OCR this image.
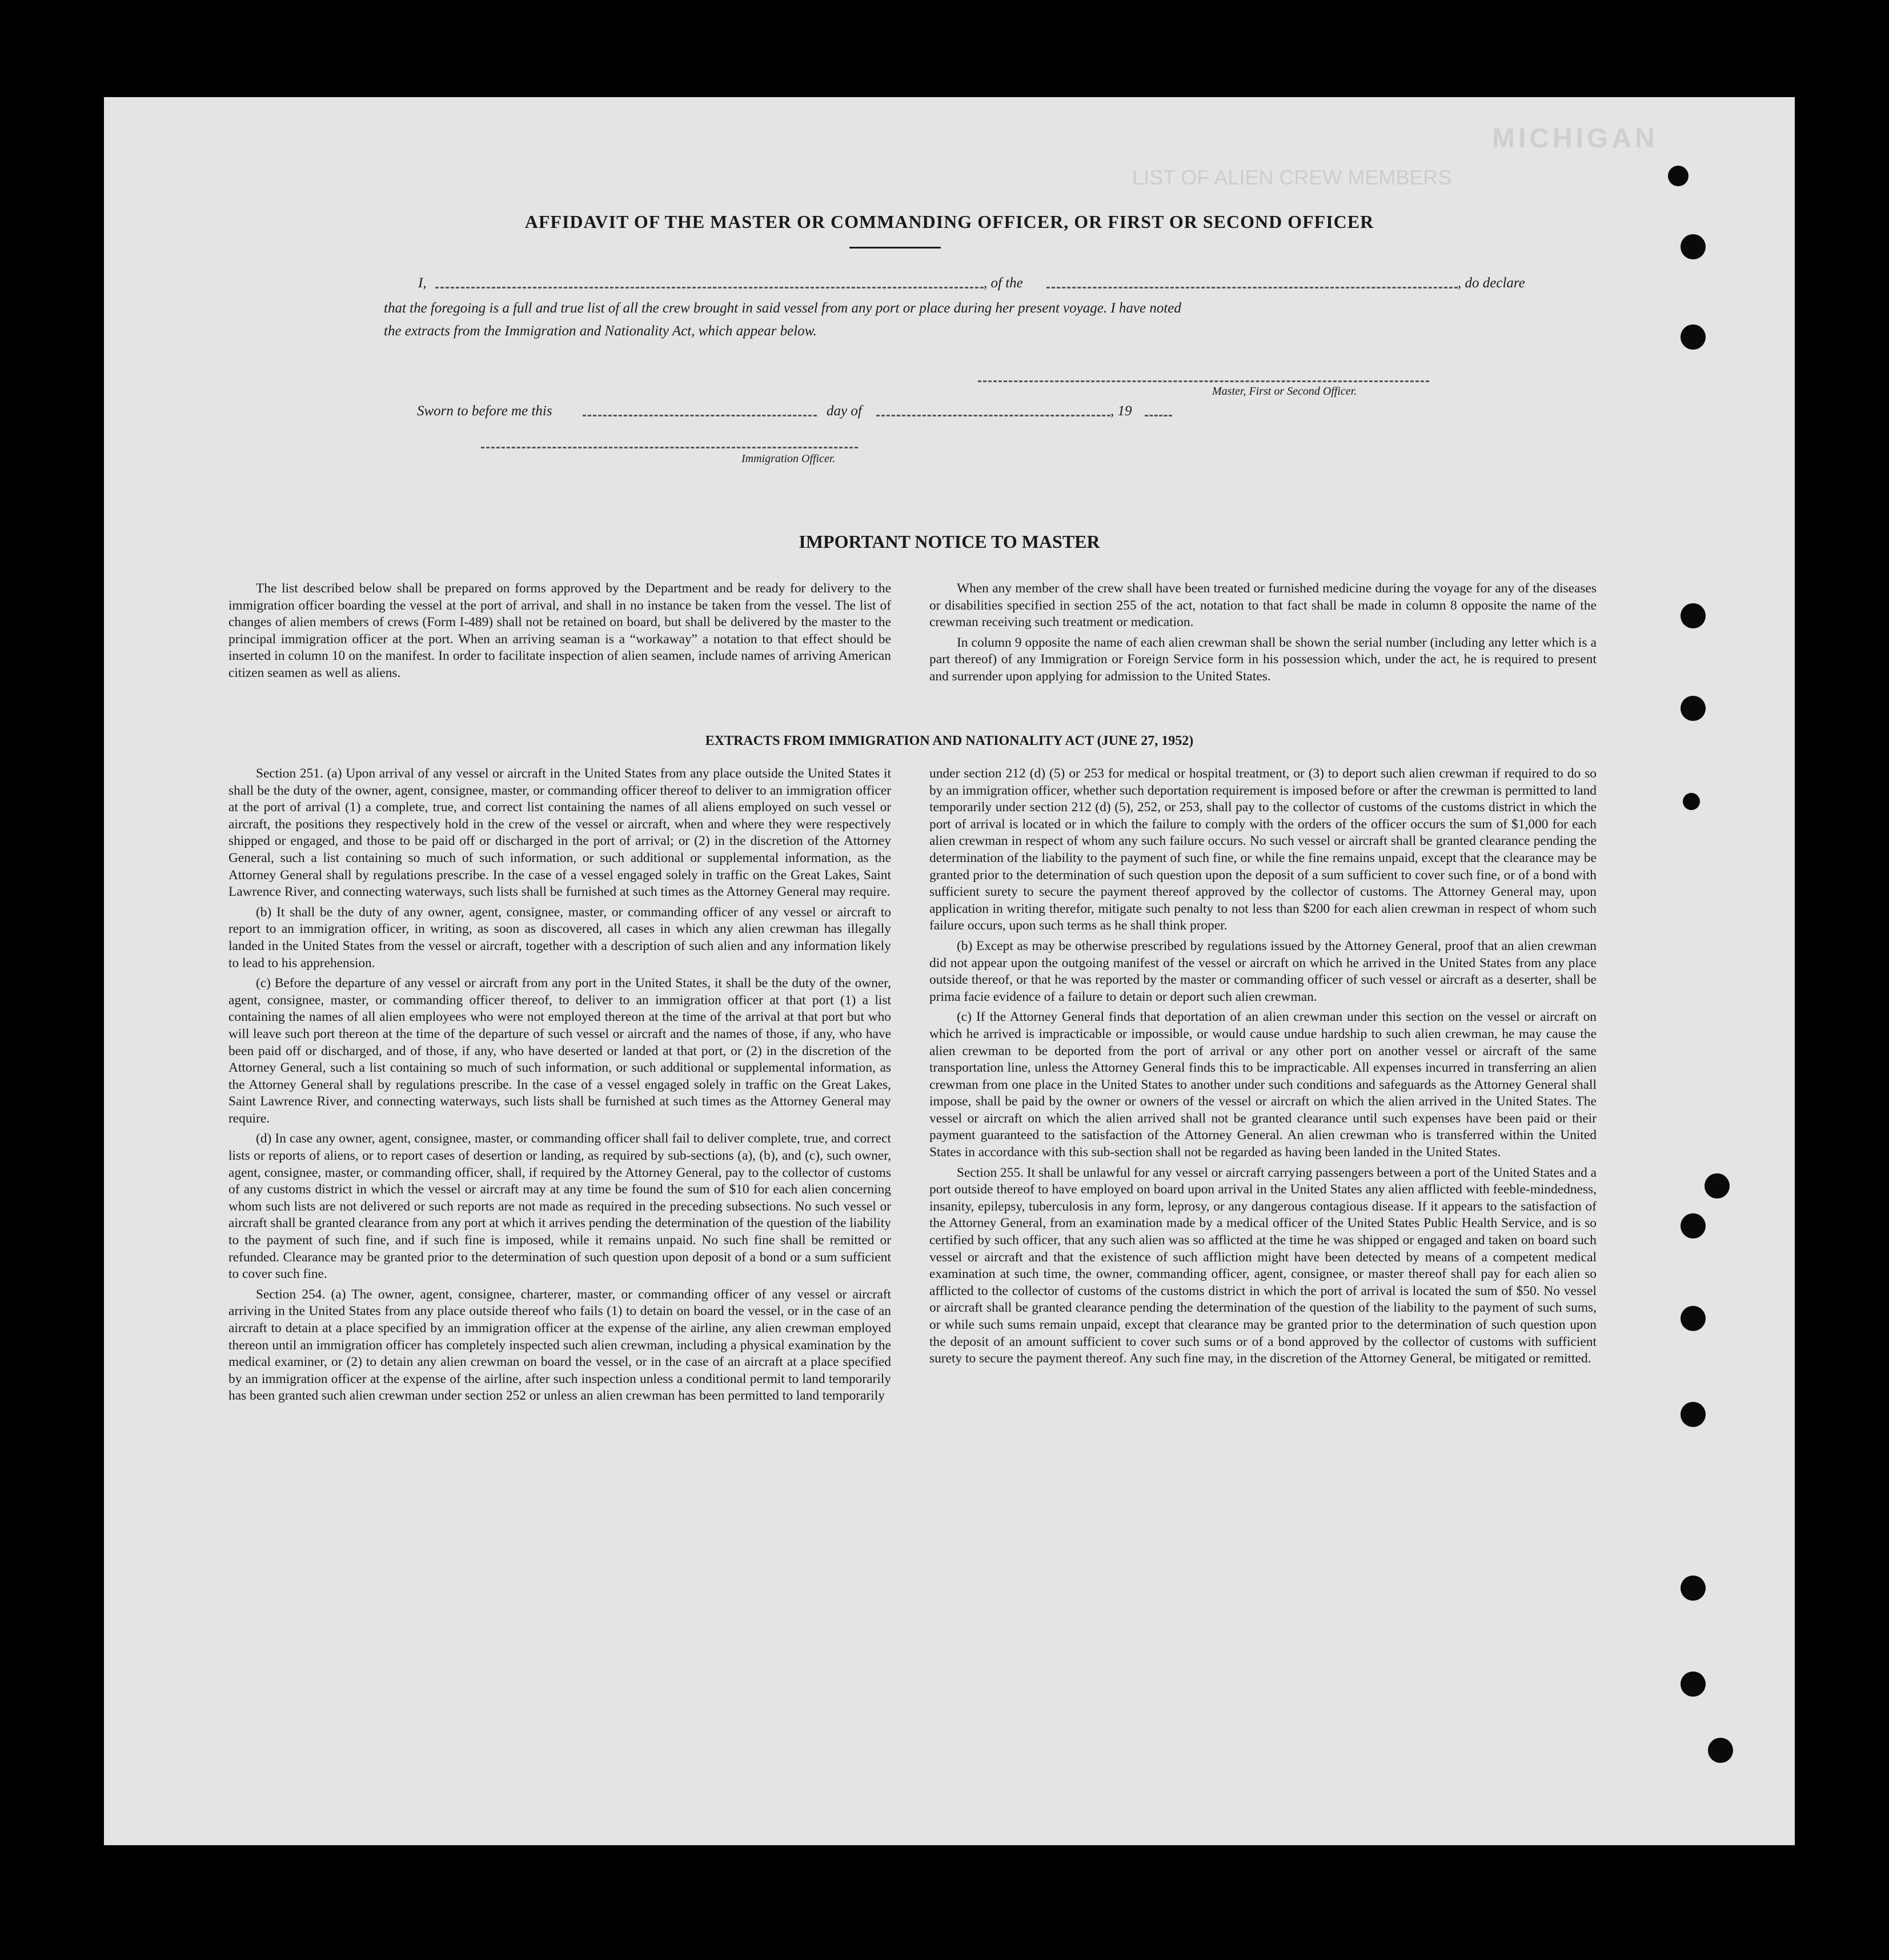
MICHIGAN
LIST OF ALIEN CREW MEMBERS
AFFIDAVIT OF THE MASTER OR COMMANDING OFFICER, OR FIRST OR SECOND OFFICER
I,	, of the	, do declare
that the foregoing is a full and true list of all the crew brought in said vessel from any port or place during her present voyage. I have noted
the extracts from the Immigration and Nationality Act, which appear below.
Master, First or Second Officer.
Sworn to before me this	day of	, 19
Immigration Officer.
IMPORTANT NOTICE TO MASTER

The list described below shall be prepared on forms approved by the Department and be ready for delivery to the immigration officer boarding the vessel at the port of arrival, and shall in no instance be taken from the vessel. The list of changes of alien members of crews (Form I-489) shall not be retained on board, but shall be delivered by the master to the principal immigration officer at the port. When an arriving seaman is a “workaway” a notation to that effect should be inserted in column 10 on the manifest. In order to facilitate inspection of alien seamen, include names of arriving American citizen seamen as well as aliens.

When any member of the crew shall have been treated or furnished medicine during the voyage for any of the diseases or disabilities specified in section 255 of the act, notation to that fact shall be made in column 8 opposite the name of the crewman receiving such treatment or medication.

In column 9 opposite the name of each alien crewman shall be shown the serial number (including any letter which is a part thereof) of any Immigration or Foreign Service form in his possession which, under the act, he is required to present and surrender upon applying for admission to the United States.

EXTRACTS FROM IMMIGRATION AND NATIONALITY ACT (JUNE 27, 1952)

Section 251. (a) Upon arrival of any vessel or aircraft in the United States from any place outside the United States it shall be the duty of the owner, agent, consignee, master, or commanding officer thereof to deliver to an immigration officer at the port of arrival (1) a complete, true, and correct list containing the names of all aliens employed on such vessel or aircraft, the positions they respectively hold in the crew of the vessel or aircraft, when and where they were respectively shipped or engaged, and those to be paid off or discharged in the port of arrival; or (2) in the discretion of the Attorney General, such a list containing so much of such information, or such additional or supplemental information, as the Attorney General shall by regulations prescribe. In the case of a vessel engaged solely in traffic on the Great Lakes, Saint Lawrence River, and connecting waterways, such lists shall be furnished at such times as the Attorney General may require.

(b) It shall be the duty of any owner, agent, consignee, master, or commanding officer of any vessel or aircraft to report to an immigration officer, in writing, as soon as discovered, all cases in which any alien crewman has illegally landed in the United States from the vessel or aircraft, together with a description of such alien and any information likely to lead to his apprehension.

(c) Before the departure of any vessel or aircraft from any port in the United States, it shall be the duty of the owner, agent, consignee, master, or commanding officer thereof, to deliver to an immigration officer at that port (1) a list containing the names of all alien employees who were not employed thereon at the time of the arrival at that port but who will leave such port thereon at the time of the departure of such vessel or aircraft and the names of those, if any, who have been paid off or discharged, and of those, if any, who have deserted or landed at that port, or (2) in the discretion of the Attorney General, such a list containing so much of such information, or such additional or supplemental information, as the Attorney General shall by regulations prescribe. In the case of a vessel engaged solely in traffic on the Great Lakes, Saint Lawrence River, and connecting waterways, such lists shall be furnished at such times as the Attorney General may require.

(d) In case any owner, agent, consignee, master, or commanding officer shall fail to deliver complete, true, and correct lists or reports of aliens, or to report cases of desertion or landing, as required by sub-sections (a), (b), and (c), such owner, agent, consignee, master, or commanding officer, shall, if required by the Attorney General, pay to the collector of customs of any customs district in which the vessel or aircraft may at any time be found the sum of $10 for each alien concerning whom such lists are not delivered or such reports are not made as required in the preceding subsections. No such vessel or aircraft shall be granted clearance from any port at which it arrives pending the determination of the question of the liability to the payment of such fine, and if such fine is imposed, while it remains unpaid. No such fine shall be remitted or refunded. Clearance may be granted prior to the determination of such question upon deposit of a bond or a sum sufficient to cover such fine.

Section 254. (a) The owner, agent, consignee, charterer, master, or commanding officer of any vessel or aircraft arriving in the United States from any place outside thereof who fails (1) to detain on board the vessel, or in the case of an aircraft to detain at a place specified by an immigration officer at the expense of the airline, any alien crewman employed thereon until an immigration officer has completely inspected such alien crewman, including a physical examination by the medical examiner, or (2) to detain any alien crewman on board the vessel, or in the case of an aircraft at a place specified by an immigration officer at the expense of the airline, after such inspection unless a conditional permit to land temporarily has been granted such alien crewman under section 252 or unless an alien crewman has been permitted to land temporarily

under section 212 (d) (5) or 253 for medical or hospital treatment, or (3) to deport such alien crewman if required to do so by an immigration officer, whether such deportation requirement is imposed before or after the crewman is permitted to land temporarily under section 212 (d) (5), 252, or 253, shall pay to the collector of customs of the customs district in which the port of arrival is located or in which the failure to comply with the orders of the officer occurs the sum of $1,000 for each alien crewman in respect of whom any such failure occurs. No such vessel or aircraft shall be granted clearance pending the determination of the liability to the payment of such fine, or while the fine remains unpaid, except that the clearance may be granted prior to the determination of such question upon the deposit of a sum sufficient to cover such fine, or of a bond with sufficient surety to secure the payment thereof approved by the collector of customs. The Attorney General may, upon application in writing therefor, mitigate such penalty to not less than $200 for each alien crewman in respect of whom such failure occurs, upon such terms as he shall think proper.

(b) Except as may be otherwise prescribed by regulations issued by the Attorney General, proof that an alien crewman did not appear upon the outgoing manifest of the vessel or aircraft on which he arrived in the United States from any place outside thereof, or that he was reported by the master or commanding officer of such vessel or aircraft as a deserter, shall be prima facie evidence of a failure to detain or deport such alien crewman.

(c) If the Attorney General finds that deportation of an alien crewman under this section on the vessel or aircraft on which he arrived is impracticable or impossible, or would cause undue hardship to such alien crewman, he may cause the alien crewman to be deported from the port of arrival or any other port on another vessel or aircraft of the same transportation line, unless the Attorney General finds this to be impracticable. All expenses incurred in transferring an alien crewman from one place in the United States to another under such conditions and safeguards as the Attorney General shall impose, shall be paid by the owner or owners of the vessel or aircraft on which the alien arrived in the United States. The vessel or aircraft on which the alien arrived shall not be granted clearance until such expenses have been paid or their payment guaranteed to the satisfaction of the Attorney General. An alien crewman who is transferred within the United States in accordance with this sub-section shall not be regarded as having been landed in the United States.

Section 255. It shall be unlawful for any vessel or aircraft carrying passengers between a port of the United States and a port outside thereof to have employed on board upon arrival in the United States any alien afflicted with feeble-mindedness, insanity, epilepsy, tuberculosis in any form, leprosy, or any dangerous contagious disease. If it appears to the satisfaction of the Attorney General, from an examination made by a medical officer of the United States Public Health Service, and is so certified by such officer, that any such alien was so afflicted at the time he was shipped or engaged and taken on board such vessel or aircraft and that the existence of such affliction might have been detected by means of a competent medical examination at such time, the owner, commanding officer, agent, consignee, or master thereof shall pay for each alien so afflicted to the collector of customs of the customs district in which the port of arrival is located the sum of $50. No vessel or aircraft shall be granted clearance pending the determination of the question of the liability to the payment of such sums, or while such sums remain unpaid, except that clearance may be granted prior to the determination of such question upon the deposit of an amount sufficient to cover such sums or of a bond approved by the collector of customs with sufficient surety to secure the payment thereof. Any such fine may, in the discretion of the Attorney General, be mitigated or remitted.
